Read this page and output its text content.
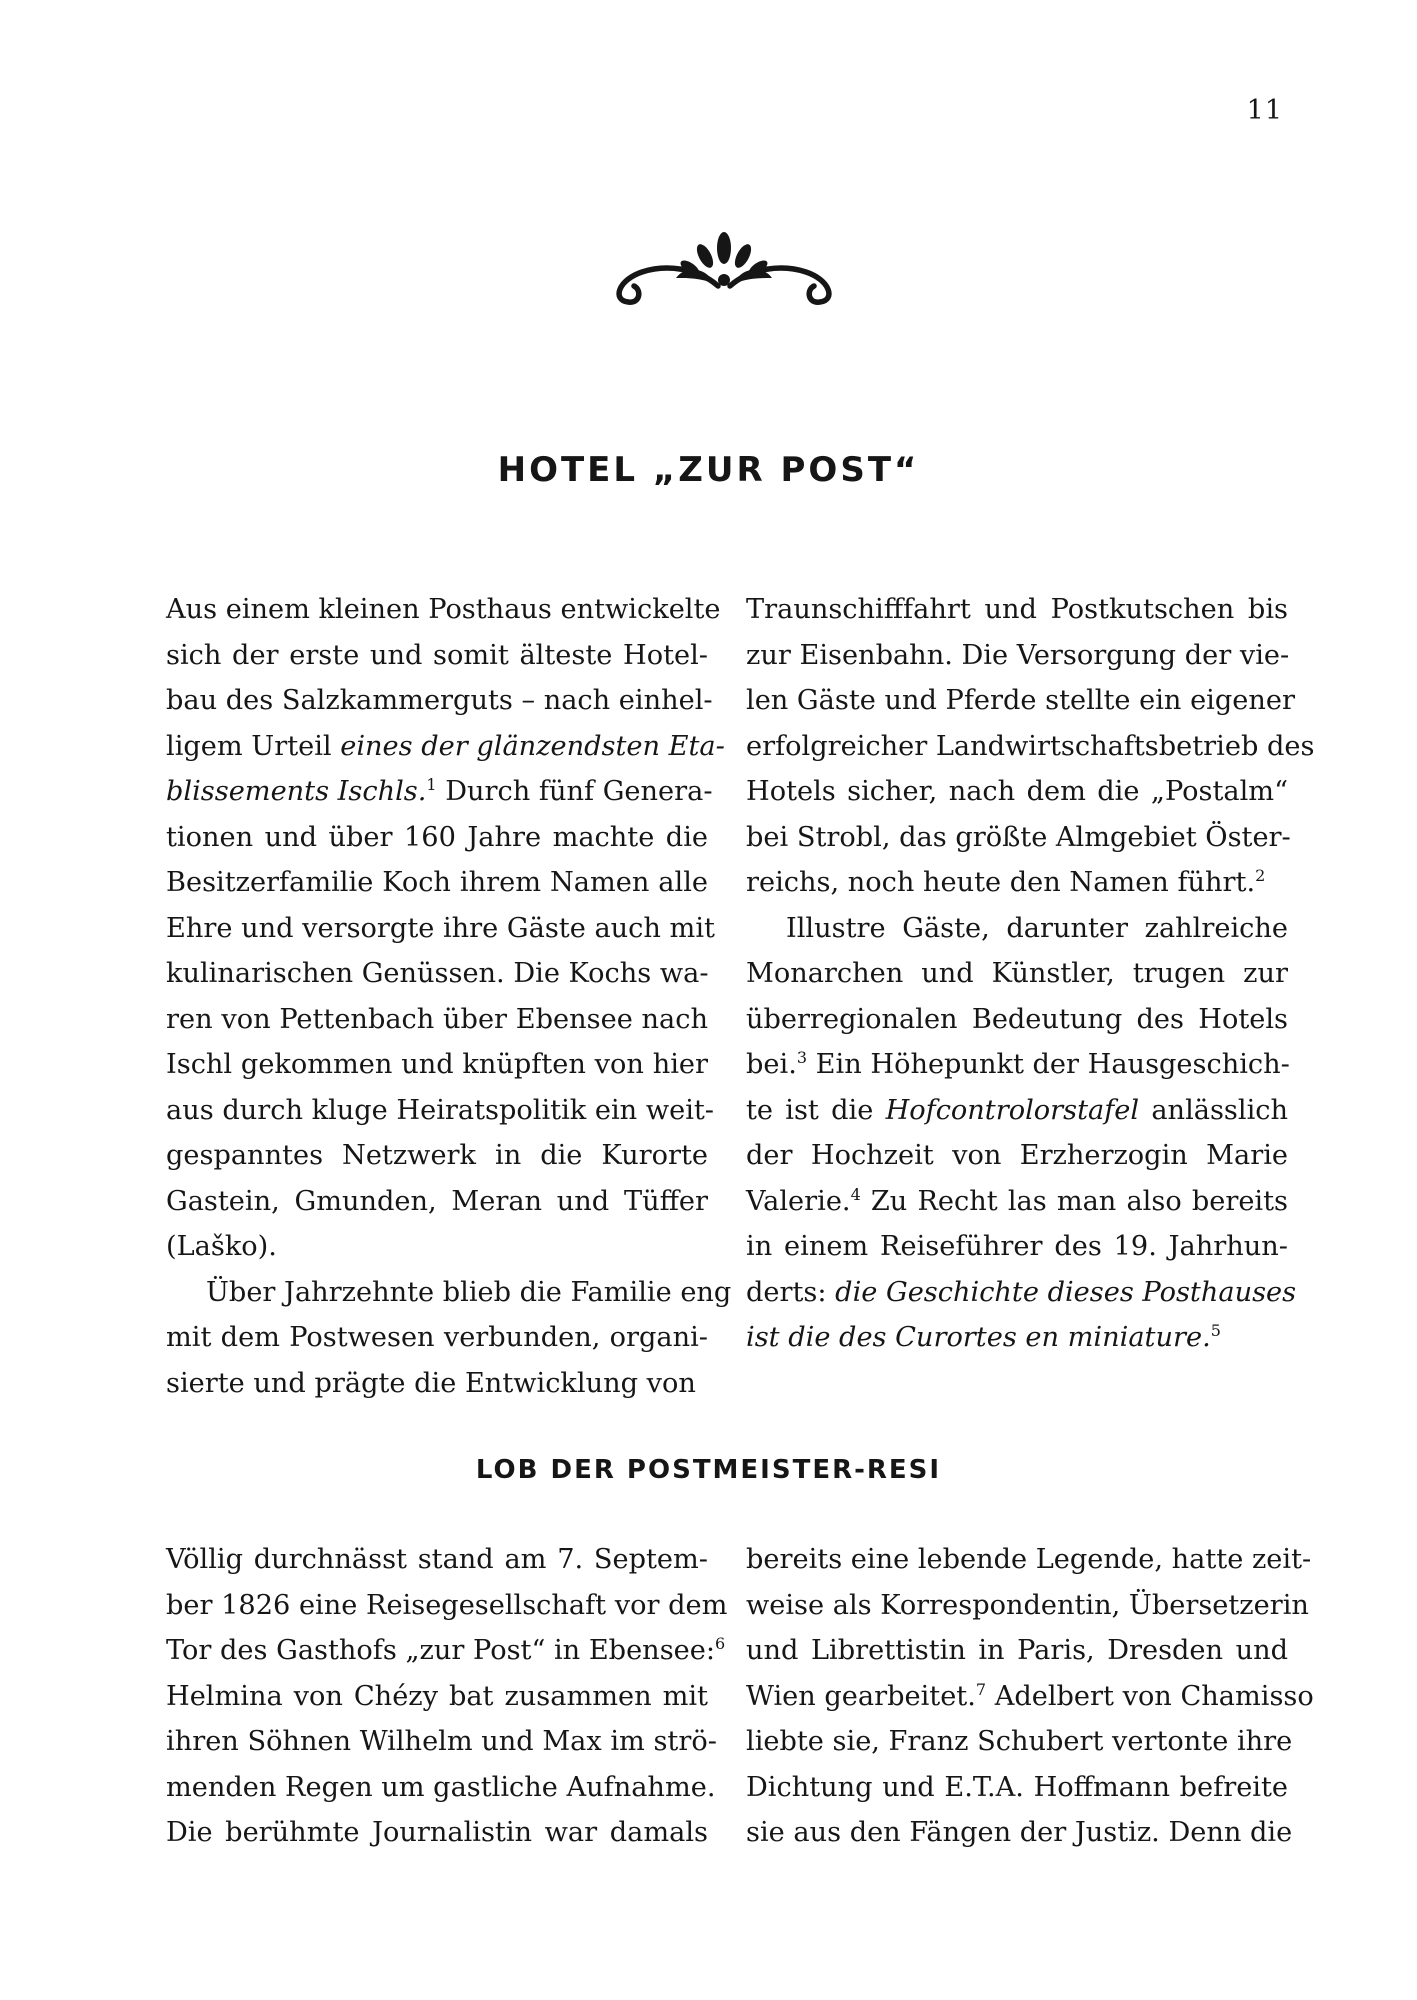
11
HOTEL „ZUR POST“
Aus einem kleinen Posthaus entwickelte
sich der erste und somit älteste Hotel-
bau des Salzkammerguts – nach einhel-
ligem Urteil eines der glänzendsten Eta-
blissements Ischls.$^1$ Durch fünf Genera-
tionen und über 160 Jahre machte die
Besitzerfamilie Koch ihrem Namen alle
Ehre und versorgte ihre Gäste auch mit
kulinarischen Genüssen. Die Kochs wa-
ren von Pettenbach über Ebensee nach
Ischl gekommen und knüpften von hier
aus durch kluge Heiratspolitik ein weit-
gespanntes Netzwerk in die Kurorte
Gastein, Gmunden, Meran und Tüffer
(Laško).
Über Jahrzehnte blieb die Familie eng
mit dem Postwesen verbunden, organi-
sierte und prägte die Entwicklung von
Traunschifffahrt und Postkutschen bis
zur Eisenbahn. Die Versorgung der vie-
len Gäste und Pferde stellte ein eigener
erfolgreicher Landwirtschaftsbetrieb des
Hotels sicher, nach dem die „Postalm“
bei Strobl, das größte Almgebiet Öster-
reichs, noch heute den Namen führt.$^2$
Illustre Gäste, darunter zahlreiche
Monarchen und Künstler, trugen zur
überregionalen Bedeutung des Hotels
bei.$^3$ Ein Höhepunkt der Hausgeschich-
te ist die Hofcontrolorstafel anlässlich
der Hochzeit von Erzherzogin Marie
Valerie.$^4$ Zu Recht las man also bereits
in einem Reiseführer des 19. Jahrhun-
derts: die Geschichte dieses Posthauses
ist die des Curortes en miniature.$^5$
LOB DER POSTMEISTER-RESI
Völlig durchnässt stand am 7. Septem-
ber 1826 eine Reisegesellschaft vor dem
Tor des Gasthofs „zur Post“ in Ebensee:$^6$
Helmina von Chézy bat zusammen mit
ihren Söhnen Wilhelm und Max im strö-
menden Regen um gastliche Aufnahme.
Die berühmte Journalistin war damals
bereits eine lebende Legende, hatte zeit-
weise als Korrespondentin, Übersetzerin
und Librettistin in Paris, Dresden und
Wien gearbeitet.$^7$ Adelbert von Chamisso
liebte sie, Franz Schubert vertonte ihre
Dichtung und E.T.A. Hoffmann befreite
sie aus den Fängen der Justiz. Denn die
